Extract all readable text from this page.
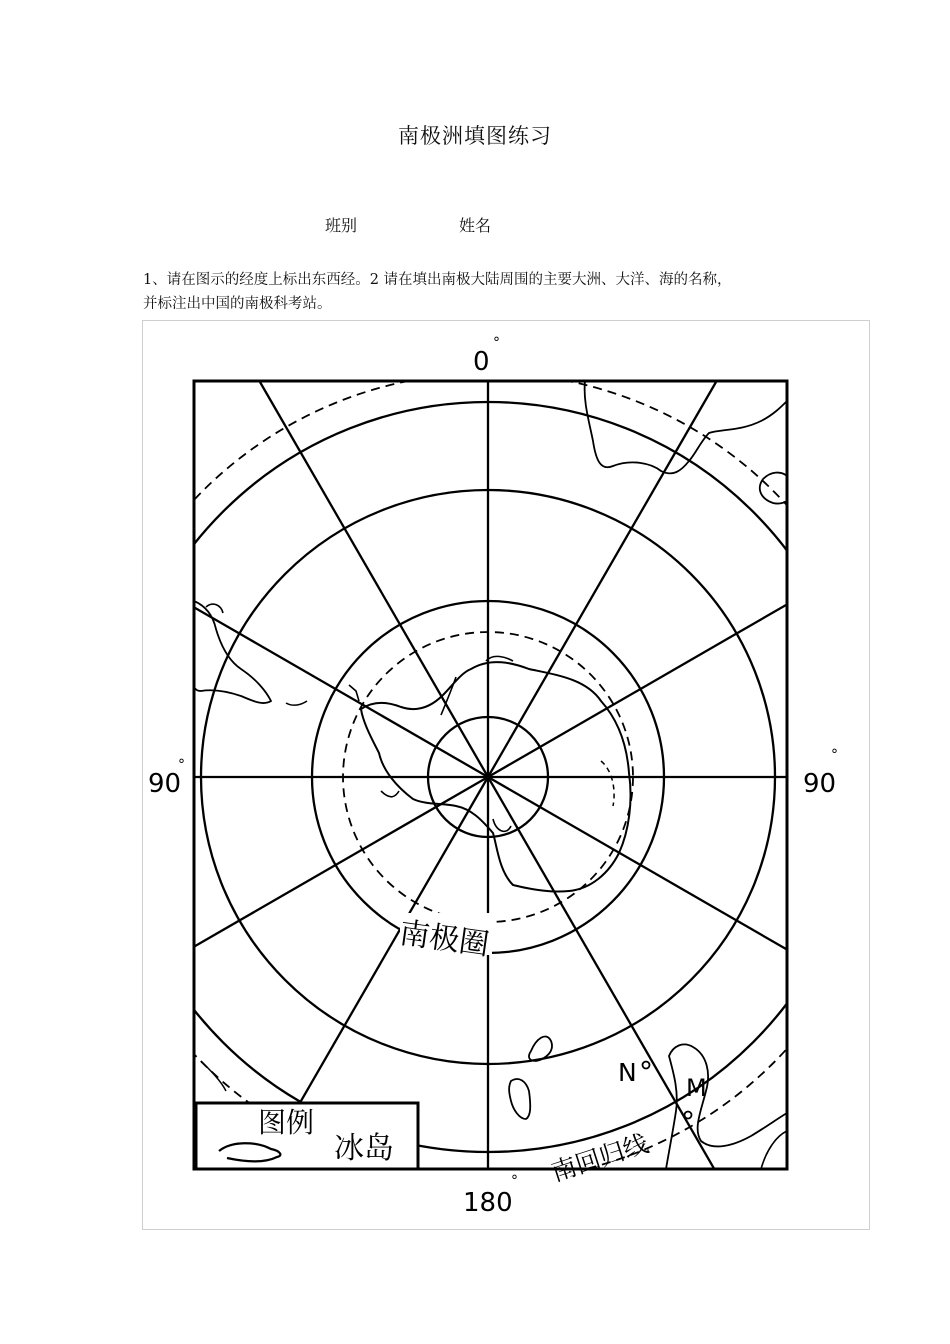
南极洲填图练习
班别	姓名
1、请在图示的经度上标出东西经。2 请在填出南极大陆周围的主要大洲、大洋、海的名称，
并标注出中国的南极科考站。
南极圈
南回归线
N
M
图例
冰岛
0
°
90
°
90
°
180
°
